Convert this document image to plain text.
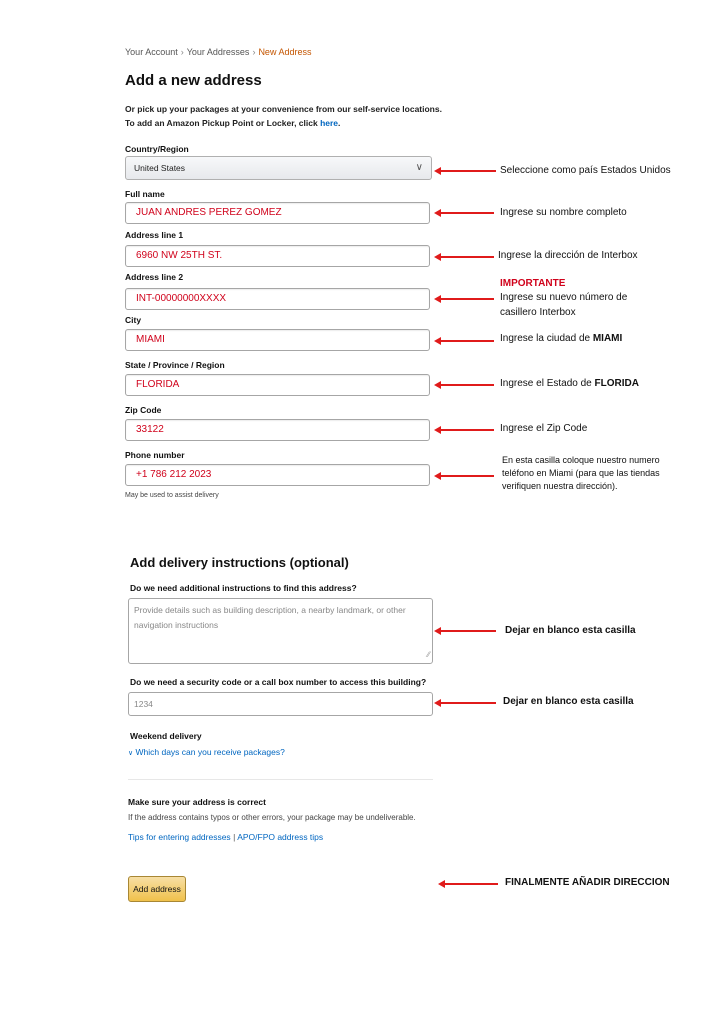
Your Account › Your Addresses › New Address
Add a new address
Or pick up your packages at your convenience from our self-service locations. To add an Amazon Pickup Point or Locker, click here.
Country/Region
United States	∨
Full name
JUAN ANDRES PEREZ GOMEZ
Address line 1
6960 NW 25TH ST.
Address line 2
INT-00000000XXXX
City
MIAMI
State / Province / Region
FLORIDA
Zip Code
33122
Phone number
+1 786 212 2023
May be used to assist delivery
Seleccione como país Estados Unidos
Ingrese su nombre completo
Ingrese la dirección de Interbox
IMPORTANTE
Ingrese su nuevo número de
casillero Interbox
Ingrese la ciudad de MIAMI
Ingrese el Estado de FLORIDA
Ingrese el Zip Code
En esta casilla coloque nuestro numero
teléfono en Miami (para que las tiendas
verifiquen nuestra dirección).
Add delivery instructions (optional)
Do we need additional instructions to find this address?
Provide details such as building description, a nearby landmark, or other
navigation instructions
∕∕
Dejar en blanco esta casilla
Do we need a security code or a call box number to access this building?
1234	Dejar en blanco esta casilla
Weekend delivery
∨ Which days can you receive packages?
Make sure your address is correct
If the address contains typos or other errors, your package may be undeliverable.
Tips for entering addresses | APO/FPO address tips
Add address
FINALMENTE AÑADIR DIRECCION
